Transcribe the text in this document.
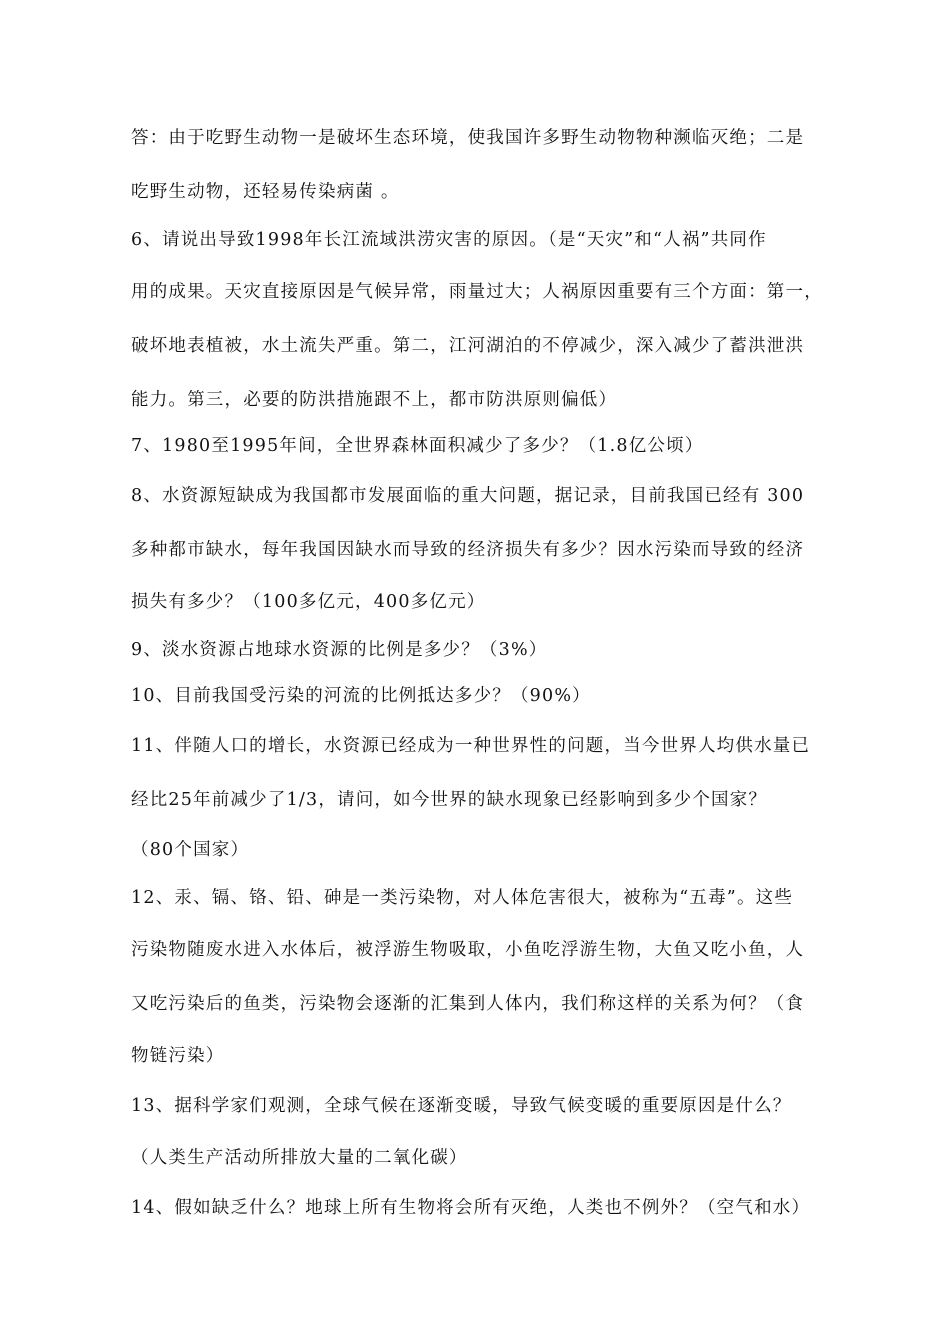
答：由于吃野生动物一是破坏生态环境，使我国许多野生动物物种濒临灭绝；二是
吃野生动物，还轻易传染病菌 。
6、请说出导致1998年长江流域洪涝灾害的原因。（是“天灾”和“人祸”共同作
用的成果。天灾直接原因是气候异常，雨量过大；人祸原因重要有三个方面：第一，
破坏地表植被，水土流失严重。第二，江河湖泊的不停减少，深入减少了蓄洪泄洪
能力。第三，必要的防洪措施跟不上，都市防洪原则偏低）
7、1980至1995年间，全世界森林面积减少了多少？（1.8亿公顷）
8、水资源短缺成为我国都市发展面临的重大问题，据记录，目前我国已经有 300
多种都市缺水，每年我国因缺水而导致的经济损失有多少？因水污染而导致的经济
损失有多少？（100多亿元，400多亿元）
9、淡水资源占地球水资源的比例是多少？（3%）
10、目前我国受污染的河流的比例抵达多少？（90%）
11、伴随人口的增长，水资源已经成为一种世界性的问题，当今世界人均供水量已
经比25年前减少了1/3，请问，如今世界的缺水现象已经影响到多少个国家？
（80个国家）
12、汞、镉、铬、铅、砷是一类污染物，对人体危害很大，被称为“五毒”。这些
污染物随废水进入水体后，被浮游生物吸取，小鱼吃浮游生物，大鱼又吃小鱼，人
又吃污染后的鱼类，污染物会逐渐的汇集到人体内，我们称这样的关系为何？（食
物链污染）
13、据科学家们观测，全球气候在逐渐变暖，导致气候变暖的重要原因是什么？
（人类生产活动所排放大量的二氧化碳）
14、假如缺乏什么？地球上所有生物将会所有灭绝，人类也不例外？（空气和水）
